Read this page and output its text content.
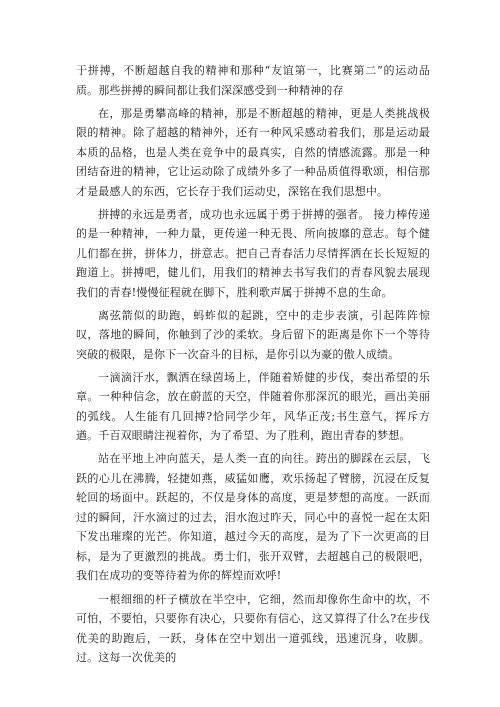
于拼搏，不断超越自我的精神和那种“友谊第一，比赛第二”的运动品质。那些拼搏的瞬间都让我们深深感受到一种精神的存

在，那是勇攀高峰的精神，那是不断超越的精神，更是人类挑战极限的精神。除了超越的精神外，还有一种风采感动着我们，那是运动最本质的品格，也是人类在竞争中的最真实，自然的情感流露。那是一种团结奋进的精神，它让运动除了成绩外多了一种品质值得歌颂，相信那才是最感人的东西，它长存于我们运动史，深铭在我们思想中。

拼搏的永远是勇者，成功也永远属于勇于拼搏的强者。 接力棒传递的是一种精神，一种力量，更传递一种无畏、所向披靡的意志。每个健儿们都在拼，拼体力，拼意志。把自己青春活力尽情挥洒在长长短短的跑道上。拼搏吧，健儿们，用我们的精神去书写我们的青春风貌去展现我们的青春!慢慢征程就在脚下，胜利歌声属于拼搏不息的生命。

离弦箭似的助跑，蚂蚱似的起跳，空中的走步表演，引起阵阵惊叹，落地的瞬间，你触到了沙的柔软。身后留下的距离是你下一个等待突破的极限，是你下一次奋斗的目标，是你引以为豪的傲人成绩。

一滴滴汗水，飘洒在绿茵场上，伴随着矫健的步伐，奏出希望的乐章。一种种信念，放在蔚蓝的天空，伴随着你那深沉的眼光，画出美丽的弧线。人生能有几回搏?恰同学少年，风华正茂;书生意气，挥斥方遒。千百双眼睛注视着你，为了希望、为了胜利，跑出青春的梦想。

站在平地上冲向蓝天，是人类一直的向往。跨出的脚踩在云层，飞跃的心儿在沸腾，轻捷如燕，威猛如鹰，欢乐扬起了臂膀，沉浸在反复轮回的场面中。跃起的，不仅是身体的高度，更是梦想的高度。一跃而过的瞬间，汗水滴过的过去，泪水泡过昨天，同心中的喜悦一起在太阳下发出璀璨的光芒。你知道，越过今天的高度，是为了下一次更高的目标，是为了更激烈的挑战。勇士们，张开双臂，去超越自己的极限吧，我们在成功的变等待着为你的辉煌而欢呼!

一根细细的杆子横放在半空中，它细，然而却像你生命中的坎，不可怕，不要怕，只要你有决心，只要你有信心，这又算得了什么?在步伐优美的助跑后，一跃，身体在空中划出一道弧线，迅速沉身，收脚。过。这每一次优美的
